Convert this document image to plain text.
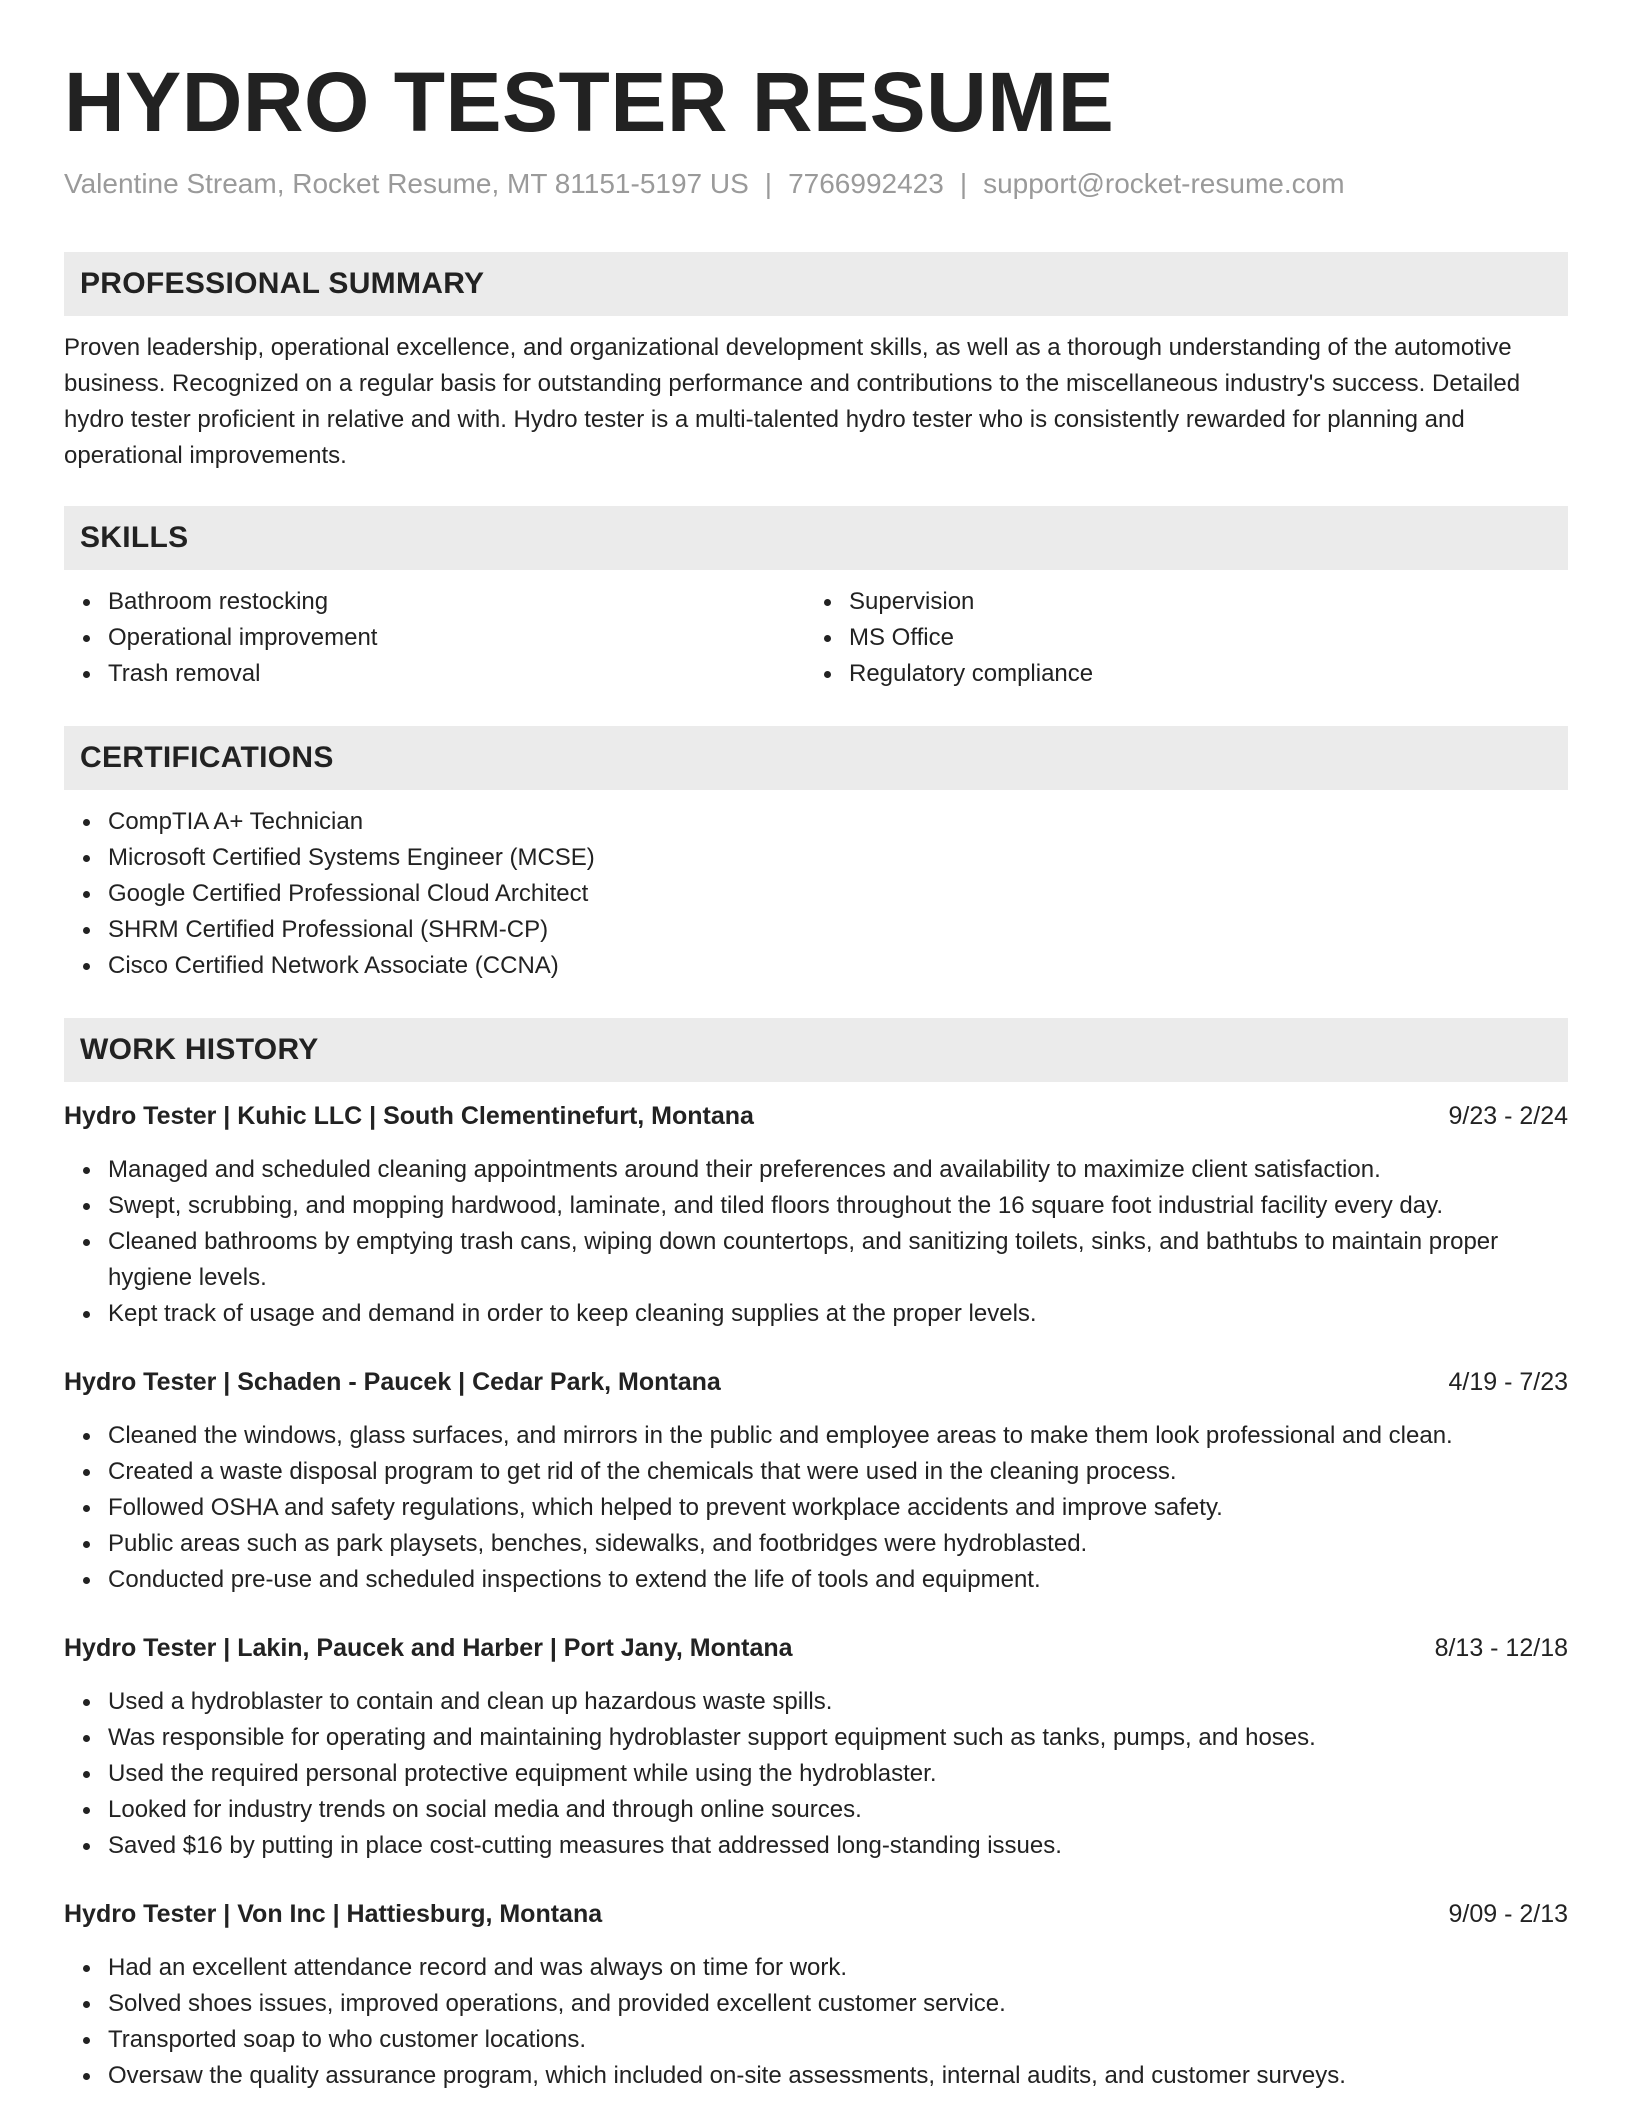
HYDRO TESTER RESUME
Valentine Stream, Rocket Resume, MT 81151-5197 US | 7766992423 | support@rocket-resume.com
PROFESSIONAL SUMMARY
Proven leadership, operational excellence, and organizational development skills, as well as a thorough understanding of the automotive business. Recognized on a regular basis for outstanding performance and contributions to the miscellaneous industry's success. Detailed hydro tester proficient in relative and with. Hydro tester is a multi-talented hydro tester who is consistently rewarded for planning and operational improvements.
SKILLS
Bathroom restocking
Operational improvement
Trash removal
Supervision
MS Office
Regulatory compliance
CERTIFICATIONS
CompTIA A+ Technician
Microsoft Certified Systems Engineer (MCSE)
Google Certified Professional Cloud Architect
SHRM Certified Professional (SHRM-CP)
Cisco Certified Network Associate (CCNA)
WORK HISTORY
Hydro Tester | Kuhic LLC | South Clementinefurt, Montana	9/23 - 2/24
Managed and scheduled cleaning appointments around their preferences and availability to maximize client satisfaction.
Swept, scrubbing, and mopping hardwood, laminate, and tiled floors throughout the 16 square foot industrial facility every day.
Cleaned bathrooms by emptying trash cans, wiping down countertops, and sanitizing toilets, sinks, and bathtubs to maintain proper hygiene levels.
Kept track of usage and demand in order to keep cleaning supplies at the proper levels.
Hydro Tester | Schaden - Paucek | Cedar Park, Montana	4/19 - 7/23
Cleaned the windows, glass surfaces, and mirrors in the public and employee areas to make them look professional and clean.
Created a waste disposal program to get rid of the chemicals that were used in the cleaning process.
Followed OSHA and safety regulations, which helped to prevent workplace accidents and improve safety.
Public areas such as park playsets, benches, sidewalks, and footbridges were hydroblasted.
Conducted pre-use and scheduled inspections to extend the life of tools and equipment.
Hydro Tester | Lakin, Paucek and Harber | Port Jany, Montana	8/13 - 12/18
Used a hydroblaster to contain and clean up hazardous waste spills.
Was responsible for operating and maintaining hydroblaster support equipment such as tanks, pumps, and hoses.
Used the required personal protective equipment while using the hydroblaster.
Looked for industry trends on social media and through online sources.
Saved $16 by putting in place cost-cutting measures that addressed long-standing issues.
Hydro Tester | Von Inc | Hattiesburg, Montana	9/09 - 2/13
Had an excellent attendance record and was always on time for work.
Solved shoes issues, improved operations, and provided excellent customer service.
Transported soap to who customer locations.
Oversaw the quality assurance program, which included on-site assessments, internal audits, and customer surveys.
